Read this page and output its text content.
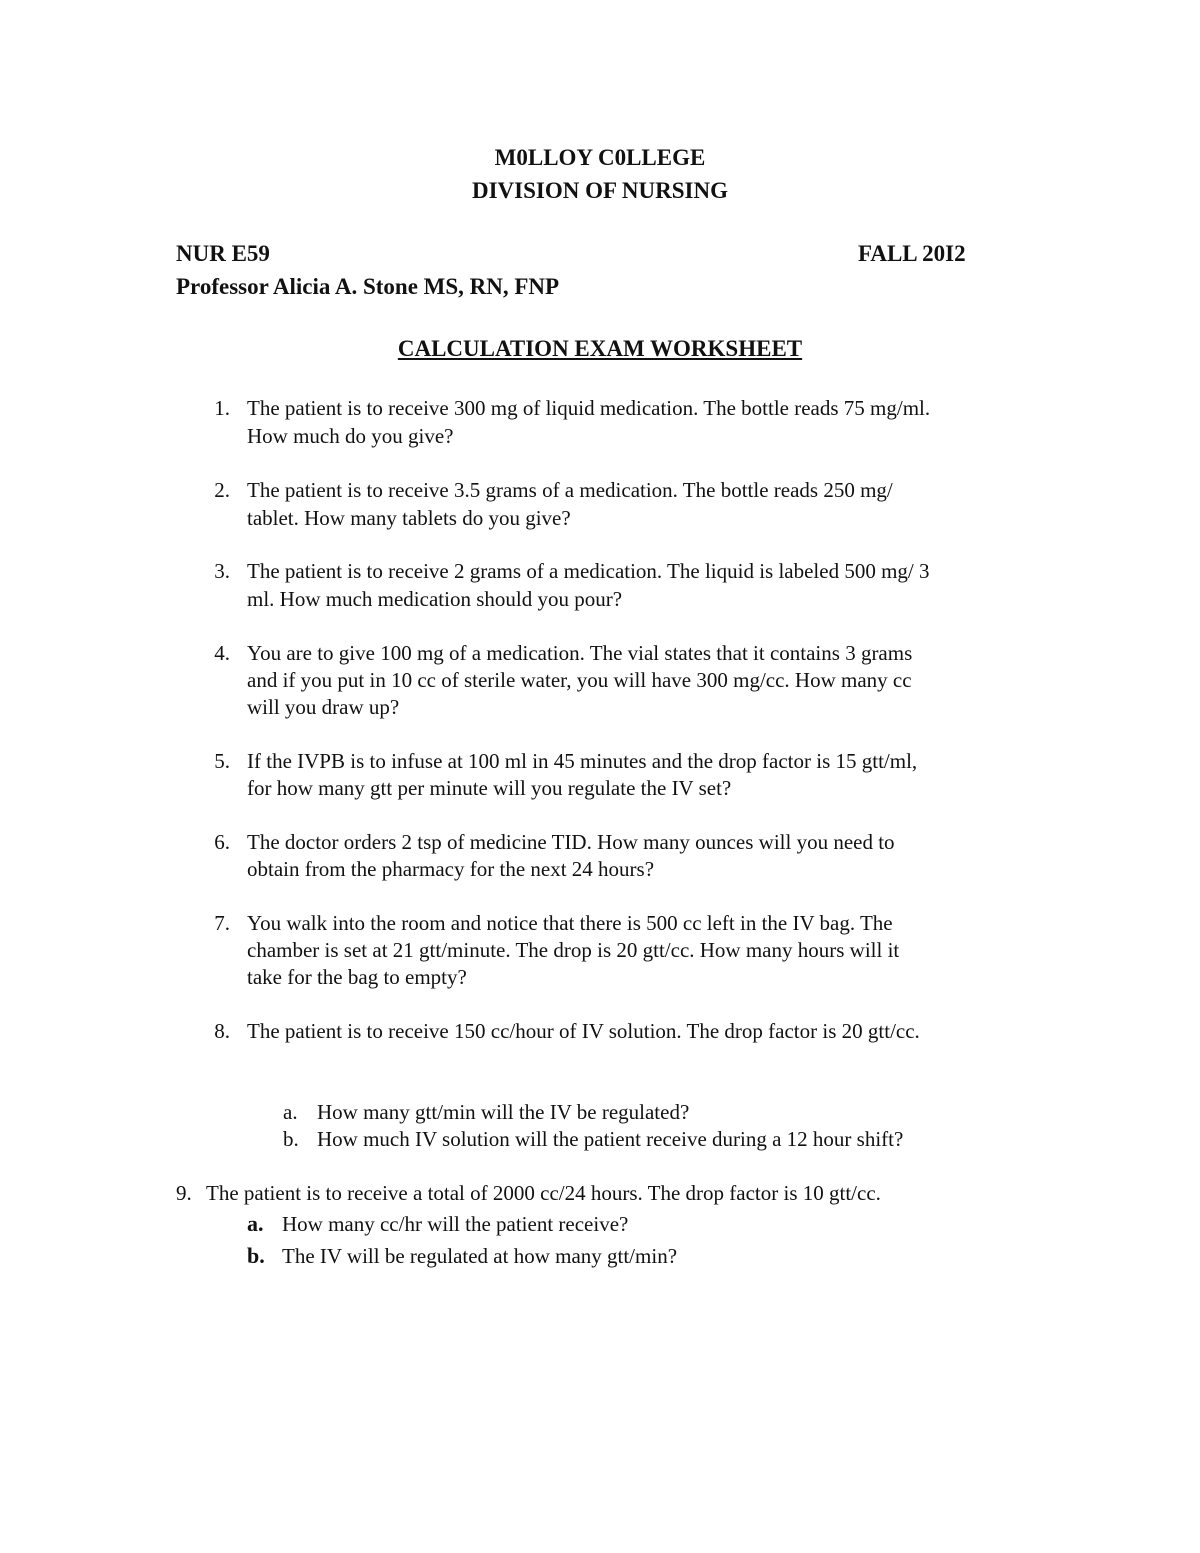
M0LLOY C0LLEGE
DIVISION OF NURSING
NUR E59	FALL 20I2
Professor Alicia A. Stone MS, RN, FNP
CALCULATION EXAM WORKSHEET
1. The patient is to receive 300 mg of liquid medication. The bottle reads 75 mg/ml.
How much do you give?
2. The patient is to receive 3.5 grams of a medication. The bottle reads 250 mg/
tablet. How many tablets do you give?
3. The patient is to receive 2 grams of a medication. The liquid is labeled 500 mg/ 3
ml. How much medication should you pour?
4. You are to give 100 mg of a medication. The vial states that it contains 3 grams
and if you put in 10 cc of sterile water, you will have 300 mg/cc. How many cc
will you draw up?
5. If the IVPB is to infuse at 100 ml in 45 minutes and the drop factor is 15 gtt/ml,
for how many gtt per minute will you regulate the IV set?
6. The doctor orders 2 tsp of medicine TID. How many ounces will you need to
obtain from the pharmacy for the next 24 hours?
7. You walk into the room and notice that there is 500 cc left in the IV bag. The
chamber is set at 21 gtt/minute. The drop is 20 gtt/cc. How many hours will it
take for the bag to empty?
8. The patient is to receive 150 cc/hour of IV solution. The drop factor is 20 gtt/cc.
a. How many gtt/min will the IV be regulated?
b. How much IV solution will the patient receive during a 12 hour shift?
9. The patient is to receive a total of 2000 cc/24 hours. The drop factor is 10 gtt/cc.
a. How many cc/hr will the patient receive?
b. The IV will be regulated at how many gtt/min?
